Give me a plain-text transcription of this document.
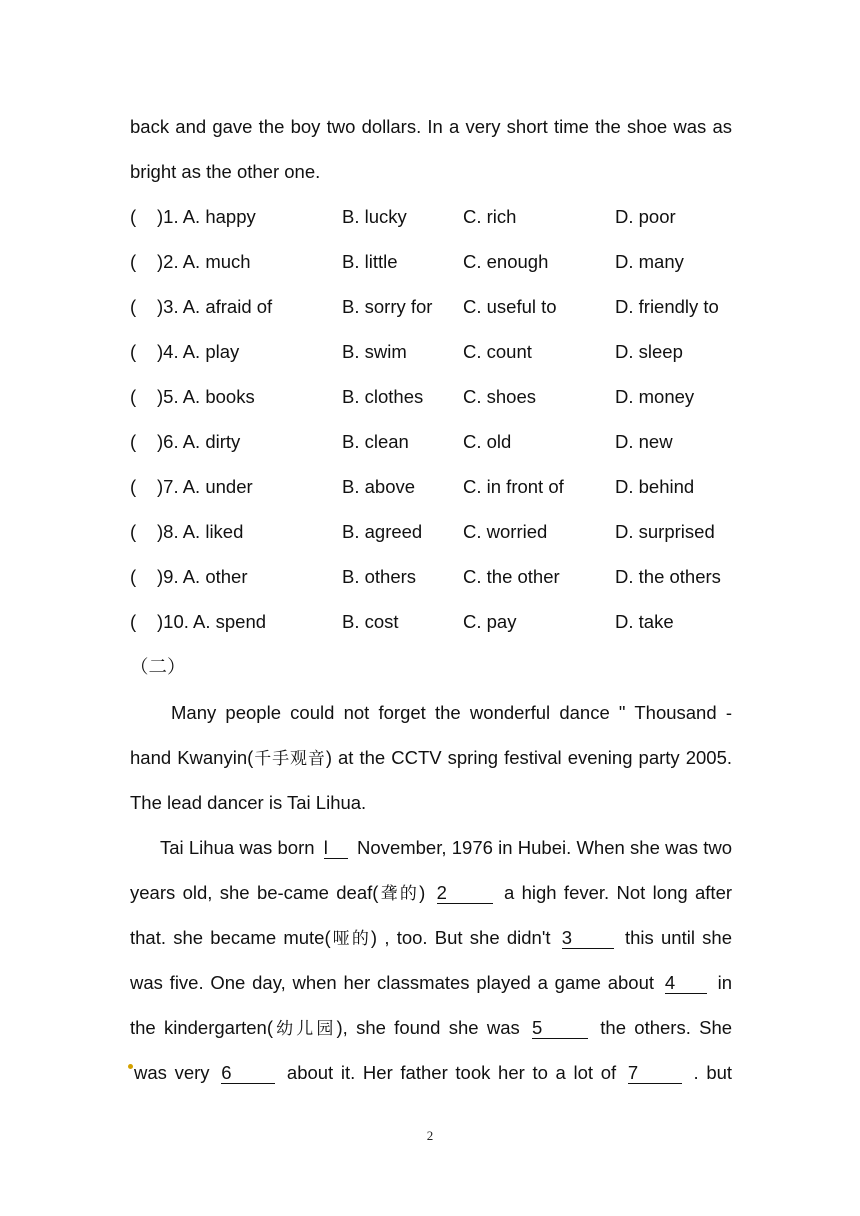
back and gave the boy two dollars. In a very short time the shoe was as
bright as the other one.
( )1. A. happy	B. lucky	C. rich	D. poor
( )2. A. much	B. little	C. enough	D. many
( )3. A. afraid of	B. sorry for C. useful to	D. friendly to
( )4. A. play	B. swim	C. count	D. sleep
( )5. A. books	B. clothes C. shoes	D. money
( )6. A. dirty	B. clean	C. old	D. new
( )7. A. under	B. above	C. in front of	D. behind
( )8. A. liked	B. agreed C. worried	D. surprised
( )9. A. other	B. others	C. the other	D. the others
( )10. A. spend	B. cost	C. pay	D. take
（二）
Many people could not forget the wonderful dance " Thousand -
hand Kwanyin(千手观音) at the CCTV spring festival evening party 2005.
The lead dancer is Tai Lihua.
Tai Lihua was born l November, 1976 in Hubei. When she was two
years old, she be-came deaf(聋的) 2	a high fever. Not long after
that. she became mute(哑的) , too. But she didn't 3	this until she
was five. One day, when her classmates played a game about 4 in
the kindergarten(幼儿园), she found she was 5	the others. She
was very 6	about it. Her father took her to a lot of 7	. but
2
